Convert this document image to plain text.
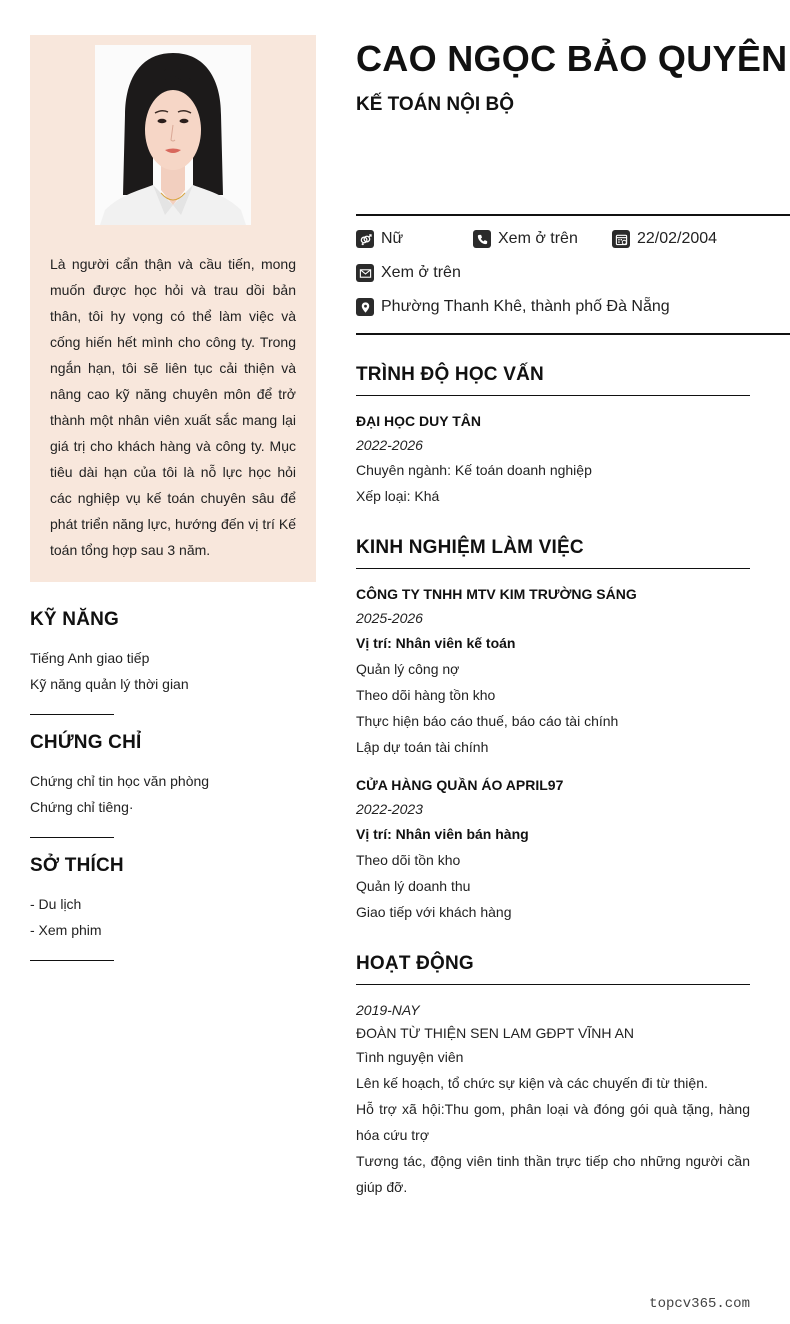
Là người cẩn thận và cầu tiến, mong muốn được học hỏi và trau dồi bản thân, tôi hy vọng có thể làm việc và cống hiến hết mình cho công ty. Trong ngắn hạn, tôi sẽ liên tục cải thiện và nâng cao kỹ năng chuyên môn để trở thành một nhân viên xuất sắc mang lại giá trị cho khách hàng và công ty. Mục tiêu dài hạn của tôi là nỗ lực học hỏi các nghiệp vụ kế toán chuyên sâu để phát triển năng lực, hướng đến vị trí Kế toán tổng hợp sau 3 năm.

KỸ NĂNG
Tiếng Anh giao tiếp
Kỹ năng quản lý thời gian
CHỨNG CHỈ
Chứng chỉ tin học văn phòng
Chứng chỉ tiêng·
SỞ THÍCH
- Du lịch
- Xem phim
CAO NGỌC BẢO QUYÊN
KẾ TOÁN NỘI BỘ
Nữ	Xem ở trên	22/02/2004
Xem ở trên
Phường Thanh Khê, thành phố Đà Nẵng
TRÌNH ĐỘ HỌC VẤN
ĐẠI HỌC DUY TÂN
2022-2026
Chuyên ngành: Kế toán doanh nghiệp
Xếp loại: Khá
KINH NGHIỆM LÀM VIỆC
CÔNG TY TNHH MTV KIM TRƯỜNG SÁNG
2025-2026
Vị trí: Nhân viên kế toán
Quản lý công nợ
Theo dõi hàng tồn kho
Thực hiện báo cáo thuế, báo cáo tài chính
Lập dự toán tài chính
CỬA HÀNG QUẦN ÁO APRIL97
2022-2023
Vị trí: Nhân viên bán hàng
Theo dõi tồn kho
Quản lý doanh thu
Giao tiếp với khách hàng
HOẠT ĐỘNG
2019-NAY
ĐOÀN TỪ THIỆN SEN LAM GĐPT VĨNH AN
Tình nguyện viên
Lên kế hoạch, tổ chức sự kiện và các chuyến đi từ thiện.
Hỗ trợ xã hội:Thu gom, phân loại và đóng gói quà tặng, hàng hóa cứu trợ
Tương tác, động viên tinh thần trực tiếp cho những người cần giúp đỡ.
topcv365.com
